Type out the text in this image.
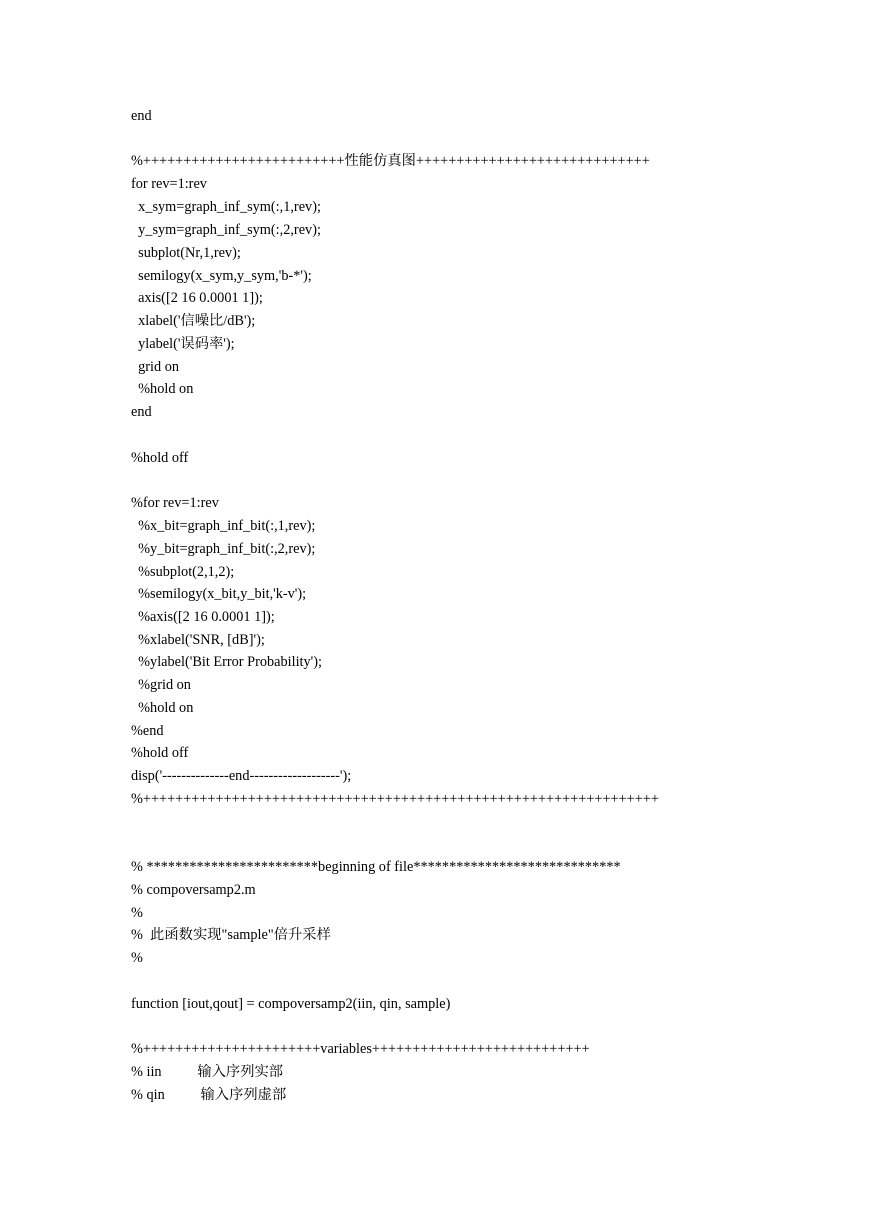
end

%+++++++++++++++++++++++++性能仿真图+++++++++++++++++++++++++++++

for rev=1:rev

x_sym=graph_inf_sym(:,1,rev);

y_sym=graph_inf_sym(:,2,rev);

subplot(Nr,1,rev);

semilogy(x_sym,y_sym,'b-*');

axis([2 16 0.0001 1]);

xlabel('信噪比/dB');

ylabel('误码率');

grid on

%hold on

end

%hold off

%for rev=1:rev

%x_bit=graph_inf_bit(:,1,rev);

%y_bit=graph_inf_bit(:,2,rev);

%subplot(2,1,2);

%semilogy(x_bit,y_bit,'k-v');

%axis([2 16 0.0001 1]);

%xlabel('SNR, [dB]');

%ylabel('Bit Error Probability');

%grid on

%hold on

%end

%hold off

disp('--------------end-------------------');

%++++++++++++++++++++++++++++++++++++++++++++++++++++++++++++++++

% ************************beginning of file*****************************

% compoversamp2.m

%

%  此函数实现"sample"倍升采样

%

function [iout,qout] = compoversamp2(iin, qin, sample)

%++++++++++++++++++++++variables+++++++++++++++++++++++++++

% iin          输入序列实部

% qin          输入序列虚部
